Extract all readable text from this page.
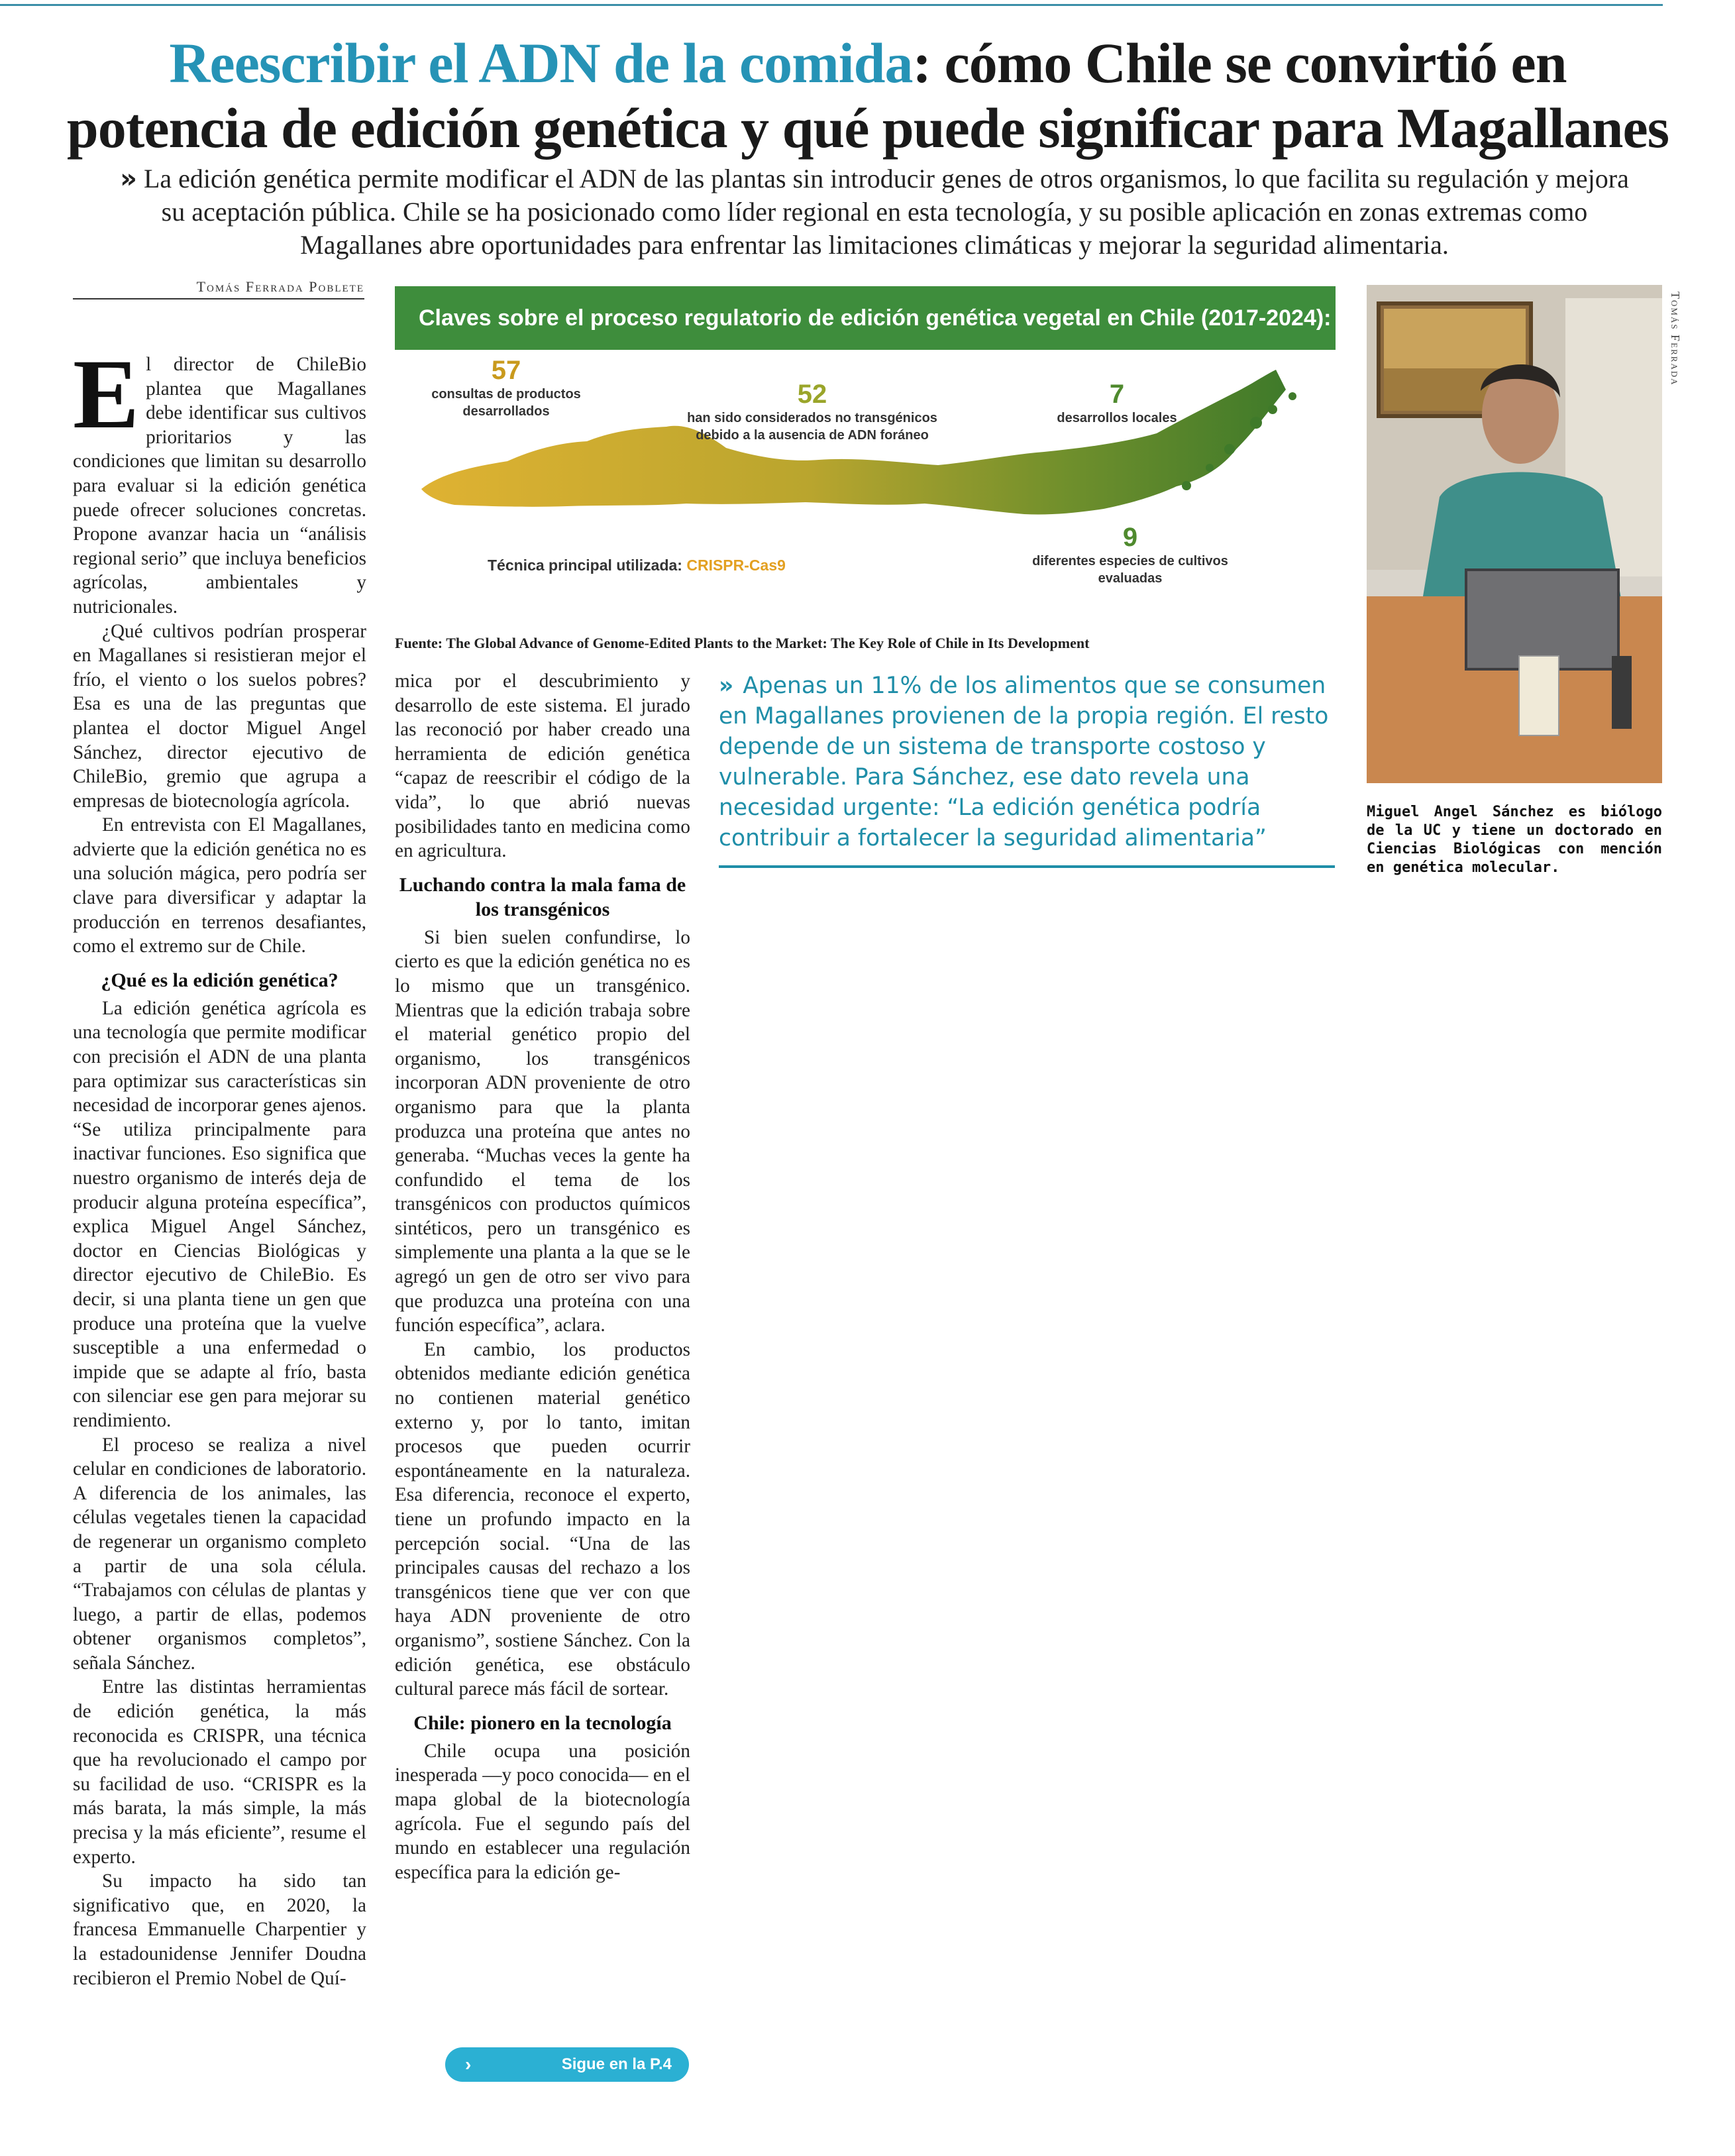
Reescribir el ADN de la comida: cómo Chile se convirtió en
potencia de edición genética y qué puede significar para Magallanes
» La edición genética permite modificar el ADN de las plantas sin introducir genes de otros organismos, lo que facilita su regulación y mejora su aceptación pública. Chile se ha posicionado como líder regional en esta tecnología, y su posible aplicación en zonas extremas como Magallanes abre oportunidades para enfrentar las limitaciones climáticas y mejorar la seguridad alimentaria.
Tomás Ferrada Poblete

El director de ChileBio plantea que Magallanes debe identificar sus cultivos prioritarios y las condiciones que limitan su desarrollo para evaluar si la edición genética puede ofrecer soluciones concretas. Propone avanzar hacia un “análisis regional serio” que incluya beneficios agrícolas, ambientales y nutricionales.

¿Qué cultivos podrían prosperar en Magallanes si resistieran mejor el frío, el viento o los suelos pobres? Esa es una de las preguntas que plantea el doctor Miguel Angel Sánchez, director ejecutivo de ChileBio, gremio que agrupa a empresas de biotecnología agrícola.

En entrevista con El Magallanes, advierte que la edición genética no es una solución mágica, pero podría ser clave para diversificar y adaptar la producción en terrenos desafiantes, como el extremo sur de Chile.

¿Qué es la edición genética?

La edición genética agrícola es una tecnología que permite modificar con precisión el ADN de una planta para optimizar sus características sin necesidad de incorporar genes ajenos. “Se utiliza principalmente para inactivar funciones. Eso significa que nuestro organismo de interés deja de producir alguna proteína específica”, explica Miguel Angel Sánchez, doctor en Ciencias Biológicas y director ejecutivo de ChileBio. Es decir, si una planta tiene un gen que produce una proteína que la vuelve susceptible a una enfermedad o impide que se adapte al frío, basta con silenciar ese gen para mejorar su rendimiento.

El proceso se realiza a nivel celular en condiciones de laboratorio. A diferencia de los animales, las células vegetales tienen la capacidad de regenerar un organismo completo a partir de una sola célula. “Trabajamos con células de plantas y luego, a partir de ellas, podemos obtener organismos completos”, señala Sánchez.

Entre las distintas herramientas de edición genética, la más reconocida es CRISPR, una técnica que ha revolucionado el campo por su facilidad de uso. “CRISPR es la más barata, la más simple, la más precisa y la más eficiente”, resume el experto.

Su impacto ha sido tan significativo que, en 2020, la francesa Emmanuelle Charpentier y la estadounidense Jennifer Doudna recibieron el Premio Nobel de Quí-

Claves sobre el proceso regulatorio de edición genética vegetal en Chile (2017-2024):
57
consultas de productos desarrollados
52
han sido considerados no transgénicos debido a la ausencia de ADN foráneo
7
desarrollos locales
9
diferentes especies de cultivos evaluadas
Técnica principal utilizada: CRISPR-Cas9
Fuente: The Global Advance of Genome-Edited Plants to the Market: The Key Role of Chile in Its Development

mica por el descubrimiento y desarrollo de este sistema. El jurado las reconoció por haber creado una herramienta de edición genética “capaz de reescribir el código de la vida”, lo que abrió nuevas posibilidades tanto en medicina como en agricultura.

Luchando contra la mala fama de los transgénicos

Si bien suelen confundirse, lo cierto es que la edición genética no es lo mismo que un transgénico. Mientras que la edición trabaja sobre el material genético propio del organismo, los transgénicos incorporan ADN proveniente de otro organismo para que la planta produzca una proteína que antes no generaba. “Muchas veces la gente ha confundido el tema de los transgénicos con productos químicos sintéticos, pero un transgénico es simplemente una planta a la que se le agregó un gen de otro ser vivo para que produzca una proteína con una función específica”, aclara.

En cambio, los productos obtenidos mediante edición genética no contienen material genético externo y, por lo tanto, imitan procesos que pueden ocurrir espontáneamente en la naturaleza. Esa diferencia, reconoce el experto, tiene un profundo impacto en la percepción social. “Una de las principales causas del rechazo a los transgénicos tiene que ver con que haya ADN proveniente de otro organismo”, sostiene Sánchez. Con la edición genética, ese obstáculo cultural parece más fácil de sortear.

Chile: pionero en la tecnología

Chile ocupa una posición inesperada —y poco conocida— en el mapa global de la biotecnología agrícola. Fue el segundo país del mundo en establecer una regulación específica para la edición ge-

» Apenas un 11% de los alimentos que se consumen en Magallanes provienen de la propia región. El resto depende de un sistema de transporte costoso y vulnerable. Para Sánchez, ese dato revela una necesidad urgente: “La edición genética podría contribuir a fortalecer la seguridad alimentaria”
Tomás Ferrada
Miguel Angel Sánchez es biólogo de la UC y tiene un doctorado en Ciencias Biológicas con mención en genética molecular.
›	Sigue en la P.4
